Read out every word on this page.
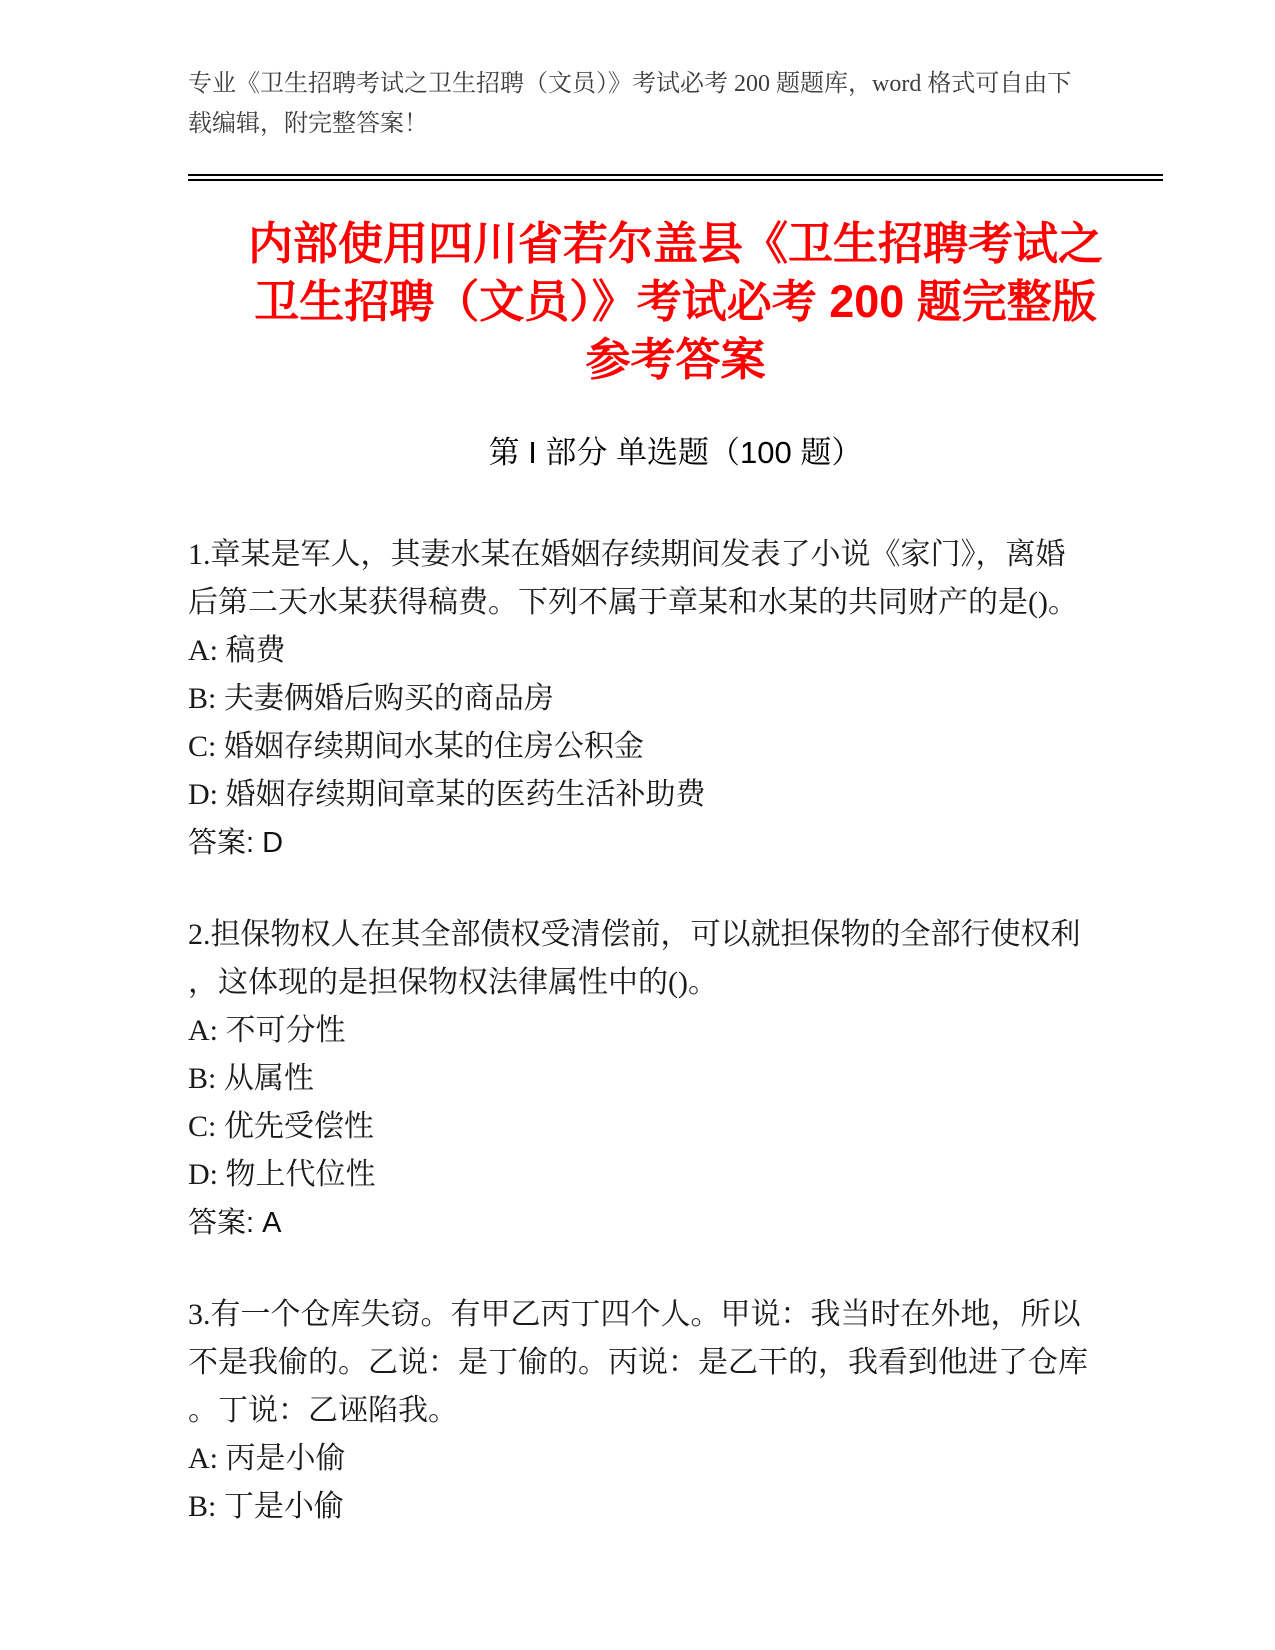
专业《卫生招聘考试之卫生招聘（文员）》考试必考 200 题题库，word 格式可自由下载编辑，附完整答案！

内部使用四川省若尔盖县《卫生招聘考试之
卫生招聘（文员）》考试必考 200 题完整版
参考答案
第 I 部分 单选题（100 题）

1.章某是军人，其妻水某在婚姻存续期间发表了小说《家门》，离婚后第二天水某获得稿费。下列不属于章某和水某的共同财产的是()。

A: 稿费

B: 夫妻俩婚后购买的商品房

C: 婚姻存续期间水某的住房公积金

D: 婚姻存续期间章某的医药生活补助费

答案: D

2.担保物权人在其全部债权受清偿前，可以就担保物的全部行使权利，这体现的是担保物权法律属性中的()。

A: 不可分性

B: 从属性

C: 优先受偿性

D: 物上代位性

答案: A

3.有一个仓库失窃。有甲乙丙丁四个人。甲说：我当时在外地，所以不是我偷的。乙说：是丁偷的。丙说：是乙干的，我看到他进了仓库。丁说：乙诬陷我。

A: 丙是小偷

B: 丁是小偷
